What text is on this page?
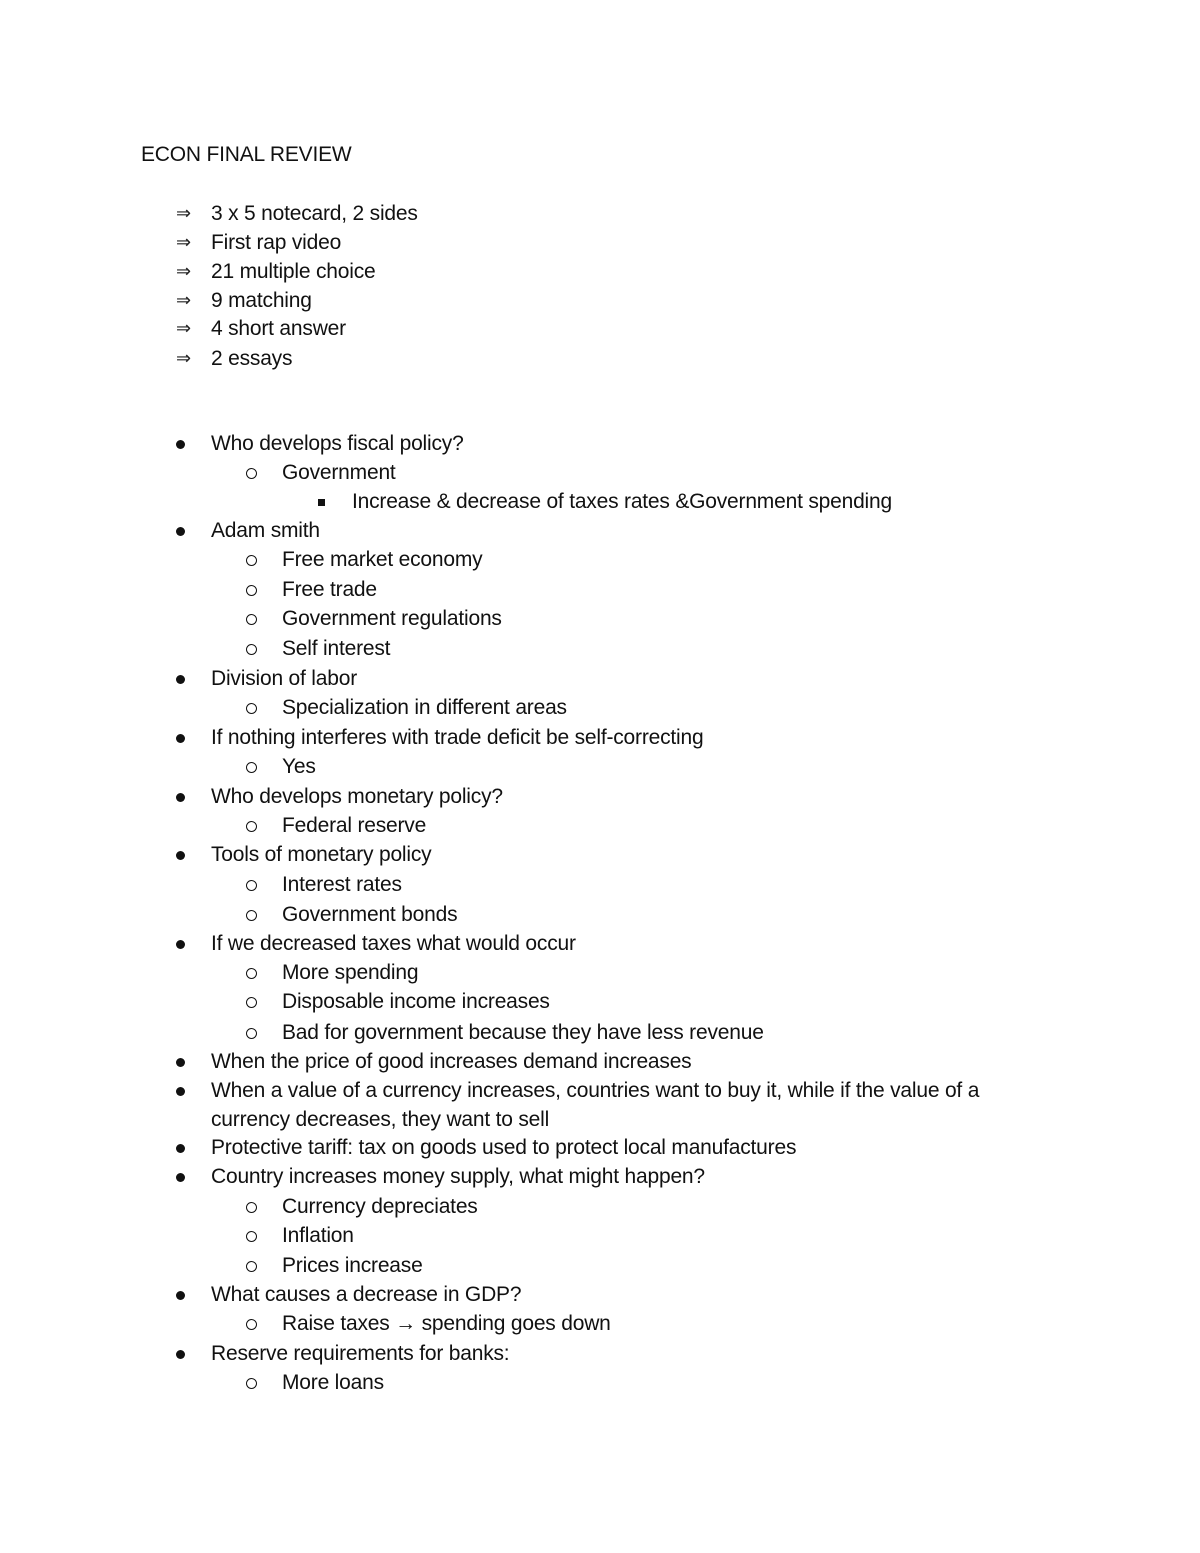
ECON FINAL REVIEW
⇒ 3 x 5 notecard, 2 sides
⇒ First rap video
⇒ 21 multiple choice
⇒ 9 matching
⇒ 4 short answer
⇒ 2 essays
Who develops fiscal policy?
Government
Increase & decrease of taxes rates &Government spending
Adam smith
Free market economy
Free trade
Government regulations
Self interest
Division of labor
Specialization in different areas
If nothing interferes with trade deficit be self-correcting
Yes
Who develops monetary policy?
Federal reserve
Tools of monetary policy
Interest rates
Government bonds
If we decreased taxes what would occur
More spending
Disposable income increases
Bad for government because they have less revenue
When the price of good increases demand increases
When a value of a currency increases, countries want to buy it, while if the value of a
currency decreases, they want to sell
Protective tariff: tax on goods used to protect local manufactures
Country increases money supply, what might happen?
Currency depreciates
Inflation
Prices increase
What causes a decrease in GDP?
Raise taxes → spending goes down
Reserve requirements for banks:
More loans
